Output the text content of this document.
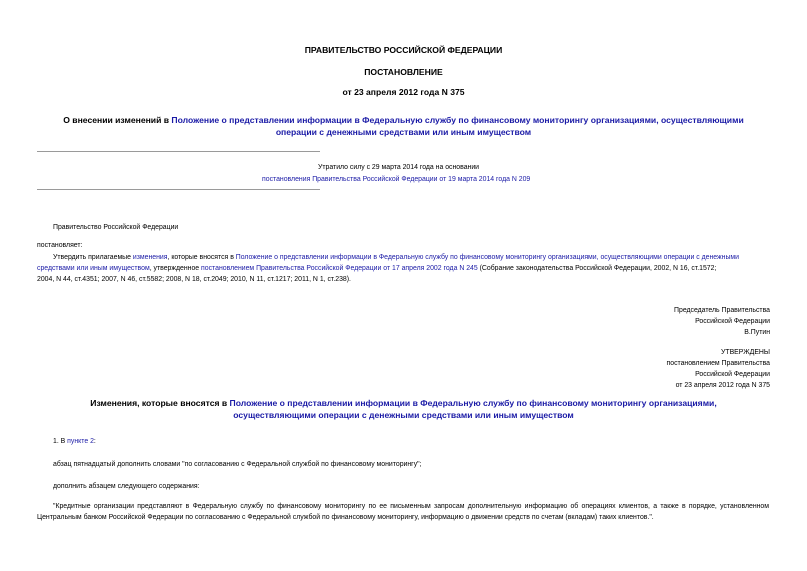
ПРАВИТЕЛЬСТВО РОССИЙСКОЙ ФЕДЕРАЦИИ
ПОСТАНОВЛЕНИЕ
от 23 апреля 2012 года N 375
О внесении изменений в Положение о представлении информации в Федеральную службу по финансовому мониторингу организациями, осуществляющими
операции с денежными средствами или иным имуществом
Утратило силу с 29 марта 2014 года на основании
постановления Правительства Российской Федерации от 19 марта 2014 года N 209
Правительство Российской Федерации
постановляет:
Утвердить прилагаемые изменения, которые вносятся в Положение о представлении информации в Федеральную службу по финансовому мониторингу организациями, осуществляющими операции с денежными
средствами или иным имуществом, утвержденное постановлением Правительства Российской Федерации от 17 апреля 2002 года N 245 (Собрание законодательства Российской Федерации, 2002, N 16, ст.1572;
2004, N 44, ст.4351; 2007, N 46, ст.5582; 2008, N 18, ст.2049; 2010, N 11, ст.1217; 2011, N 1, ст.238).
Председатель Правительства
Российской Федерации
В.Путин
УТВЕРЖДЕНЫ
постановлением Правительства
Российской Федерации
от 23 апреля 2012 года N 375
Изменения, которые вносятся в Положение о представлении информации в Федеральную службу по финансовому мониторингу организациями,
осуществляющими операции с денежными средствами или иным имуществом
1. В пункте 2:
абзац пятнадцатый дополнить словами "по согласованию с Федеральной службой по финансовому мониторингу";
дополнить абзацем следующего содержания:
"Кредитные организации представляют в Федеральную службу по финансовому мониторингу по ее письменным запросам дополнительную информацию об операциях клиентов, а также в порядке, установленном
Центральным банком Российской Федерации по согласованию с Федеральной службой по финансовому мониторингу, информацию о движении средств по счетам (вкладам) таких клиентов.".
